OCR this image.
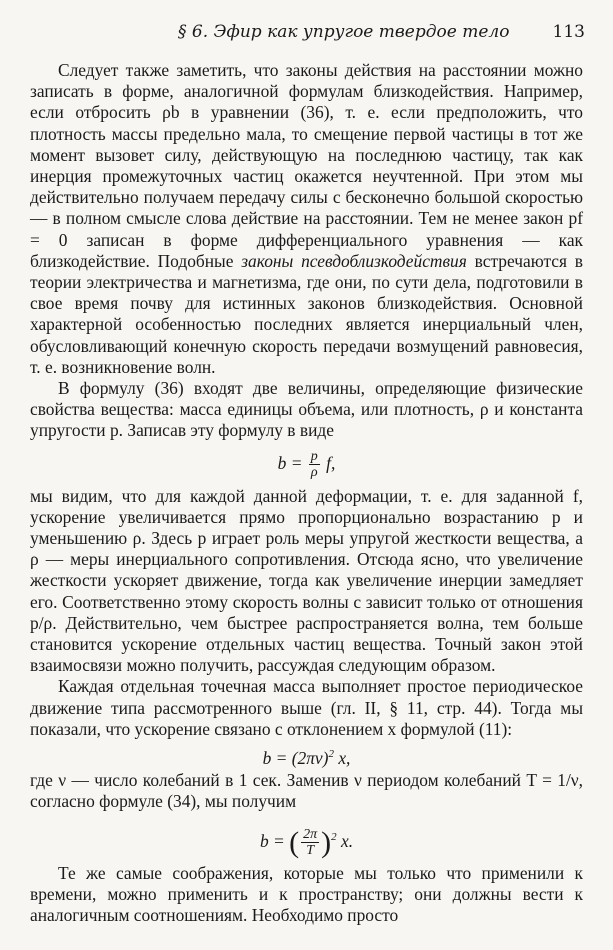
§ 6. Эфир как упругое твердое тело	113

Следует также заметить, что законы действия на расстоянии можно записать в форме, аналогичной формулам близкодействия. Например, если отбросить ρb в уравнении (36), т. е. если предположить, что плотность массы предельно мала, то смещение первой частицы в тот же момент вызовет силу, действующую на последнюю частицу, так как инерция промежуточных частиц окажется неучтенной. При этом мы действительно получаем передачу силы с бесконечно большой скоростью — в полном смысле слова действие на расстоянии. Тем не менее закон pf = 0 записан в форме дифференциального уравнения — как близкодействие. Подобные законы псевдоблизкодействия встречаются в теории электричества и магнетизма, где они, по сути дела, подготовили в свое время почву для истинных законов близкодействия. Основной характерной особенностью последних является инерциальный член, обусловливающий конечную скорость передачи возмущений равновесия, т. е. возникновение волн.

В формулу (36) входят две величины, определяющие физические свойства вещества: масса единицы объема, или плотность, ρ и константа упругости p. Записав эту формулу в виде

$b = \frac{p}{\rho} f$,

мы видим, что для каждой данной деформации, т. е. для заданной f, ускорение увеличивается прямо пропорционально возрастанию p и уменьшению ρ. Здесь p играет роль меры упругой жесткости вещества, а ρ — меры инерциального сопротивления. Отсюда ясно, что увеличение жесткости ускоряет движение, тогда как увеличение инерции замедляет его. Соответственно этому скорость волны c зависит только от отношения p/ρ. Действительно, чем быстрее распространяется волна, тем больше становится ускорение отдельных частиц вещества. Точный закон этой взаимосвязи можно получить, рассуждая следующим образом.

Каждая отдельная точечная масса выполняет простое периодическое движение типа рассмотренного выше (гл. II, § 11, стр. 44). Тогда мы показали, что ускорение связано с отклонением x формулой (11):

$b = (2\pi\nu)^2$ x,

где ν — число колебаний в 1 сек. Заменив ν периодом колебаний T = 1/ν, согласно формуле (34), мы получим

b = ( $\frac{2\pi}{T} )^2$ x.

Те же самые соображения, которые мы только что применили к времени, можно применить и к пространству; они должны вести к аналогичным соотношениям. Необходимо просто
